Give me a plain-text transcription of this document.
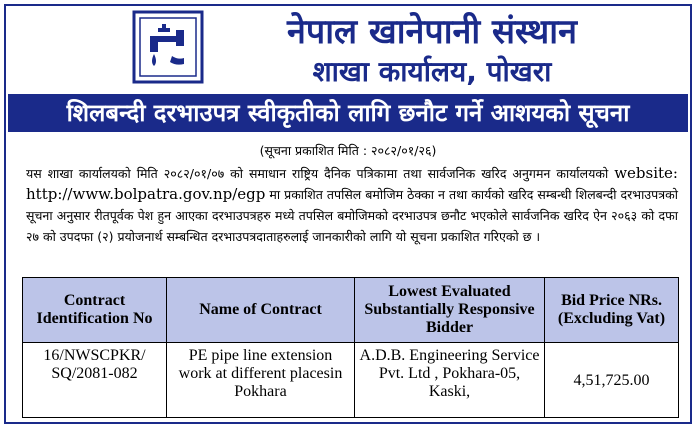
नेपाल खानेपानी संस्थान
शाखा कार्यालय, पोखरा
शिलबन्दी दरभाउपत्र स्वीकृतीको लागि छनौट गर्ने आशयको सूचना
(सूचना प्रकाशित मिति : २०८२/०१/२६)
यस शाखा कार्यालयको मिति २०८२/०१/०७ को समाधान राष्ट्रिय दैनिक पत्रिकामा तथा सार्वजनिक खरिद अनुगमन कार्यालयको website: http://www.bolpatra.gov.np/egp मा प्रकाशित तपसिल बमोजिम ठेक्का न तथा कार्यको खरिद सम्बन्धी शिलबन्दी दरभाउपत्रको सूचना अनुसार रीतपूर्वक पेश हुन आएका दरभाउपत्रहरु मध्ये तपसिल बमोजिमको दरभाउपत्र छनौट भएकोले सार्वजनिक खरिद ऐन २०६३ को दफा २७ को उपदफा (२) प्रयोजनार्थ सम्बन्धित दरभाउपत्रदाताहरुलाई जानकारीको लागि यो सूचना प्रकाशित गरिएको छ ।
Contract Identification No	Name of Contract	Lowest Evaluated Substantially Responsive Bidder	Bid Price NRs. (Excluding Vat)
16/NWSCPKR/ SQ/2081-082	PE pipe line extension work at different placesin Pokhara	A.D.B. Engineering Service Pvt. Ltd , Pokhara-05, Kaski,	4,51,725.00
